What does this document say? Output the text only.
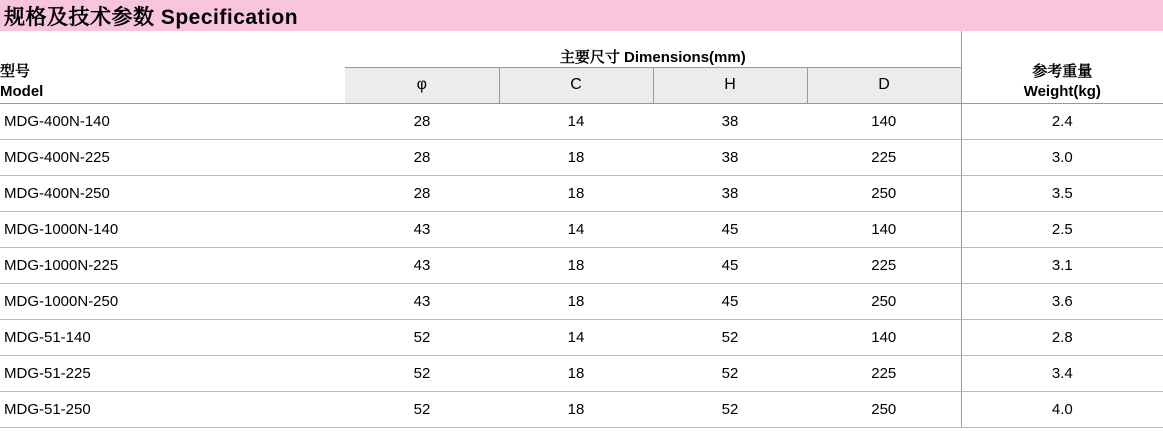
规格及技术参数 Specification
型号
Model	主要尺寸 Dimensions(mm)				参考重量
Weight(kg)

	φ	C	H	D	
MDG-400N-140	28	14	38	140	2.4
MDG-400N-225	28	18	38	225	3.0
MDG-400N-250	28	18	38	250	3.5
MDG-1000N-140	43	14	45	140	2.5
MDG-1000N-225	43	18	45	225	3.1
MDG-1000N-250	43	18	45	250	3.6
MDG-51-140	52	14	52	140	2.8
MDG-51-225	52	18	52	225	3.4
MDG-51-250	52	18	52	250	4.0
